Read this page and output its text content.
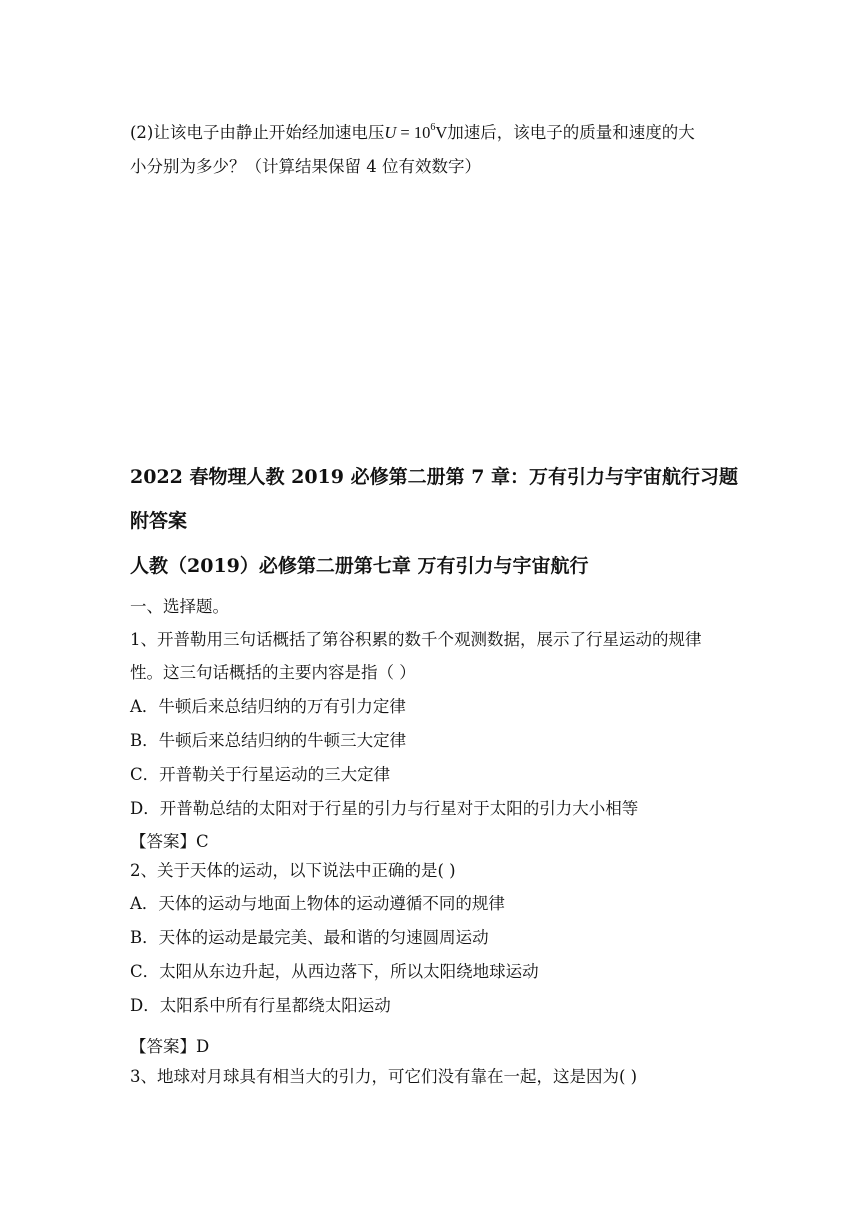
(2)让该电子由静止开始经加速电压$U = 10^6V$加速后，该电子的质量和速度的大
小分别为多少？（计算结果保留 4 位有效数字）
2022 春物理人教 2019 必修第二册第 7 章：万有引力与宇宙航行习题
附答案
人教（2019）必修第二册第七章 万有引力与宇宙航行
一、选择题。
1、开普勒用三句话概括了第谷积累的数千个观测数据，展示了行星运动的规律
性。这三句话概括的主要内容是指（ ）
A．牛顿后来总结归纳的万有引力定律
B．牛顿后来总结归纳的牛顿三大定律
C．开普勒关于行星运动的三大定律
D．开普勒总结的太阳对于行星的引力与行星对于太阳的引力大小相等
【答案】C
2、关于天体的运动，以下说法中正确的是( )
A．天体的运动与地面上物体的运动遵循不同的规律
B．天体的运动是最完美、最和谐的匀速圆周运动
C．太阳从东边升起，从西边落下，所以太阳绕地球运动
D．太阳系中所有行星都绕太阳运动
【答案】D
3、地球对月球具有相当大的引力，可它们没有靠在一起，这是因为( )
